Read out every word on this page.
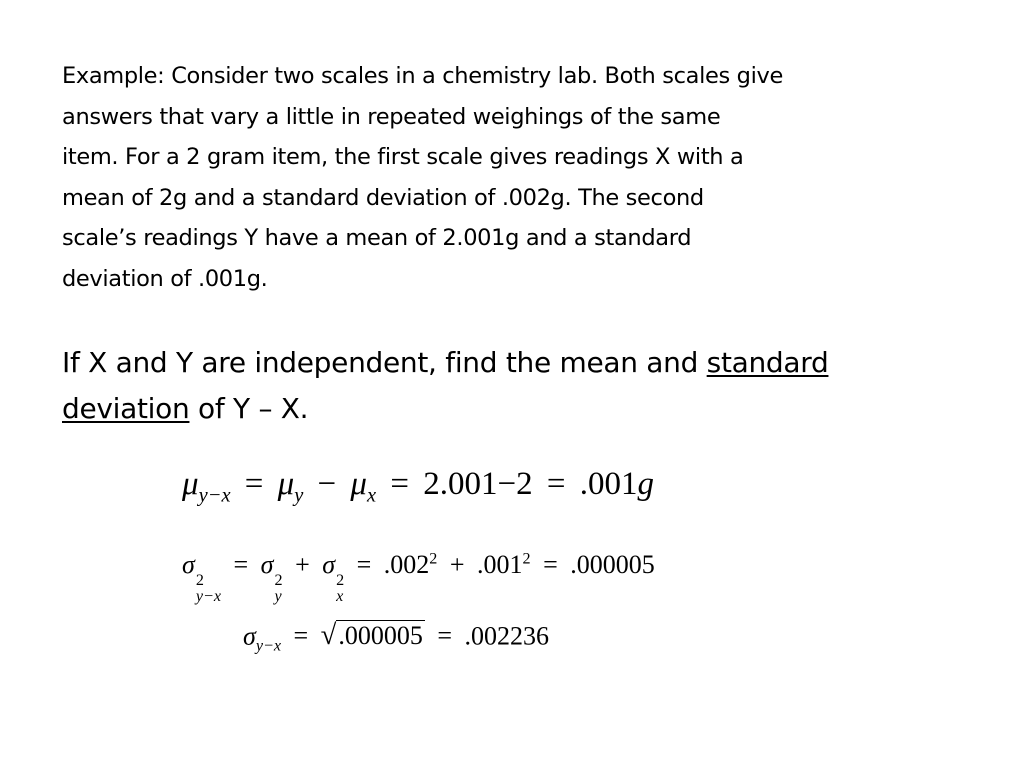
Example: Consider two scales in a chemistry lab. Both scales give
answers that vary a little in repeated weighings of the same
item. For a 2 gram item, the first scale gives readings X with a
mean of 2g and a standard deviation of .002g. The second
scale’s readings Y have a mean of 2.001g and a standard
deviation of .001g.
If X and Y are independent, find the mean and standard
deviation of Y – X.
$\mu_{y-x} = \mu_y - \mu_x = 2.001-2 = .001g$
σ
2
y−x
= σ
2
y
+ σ
2
x
= $.002^2 + .001^2 = .000005$
$\sigma_{y-x}$ = √ .000005 = .002236
